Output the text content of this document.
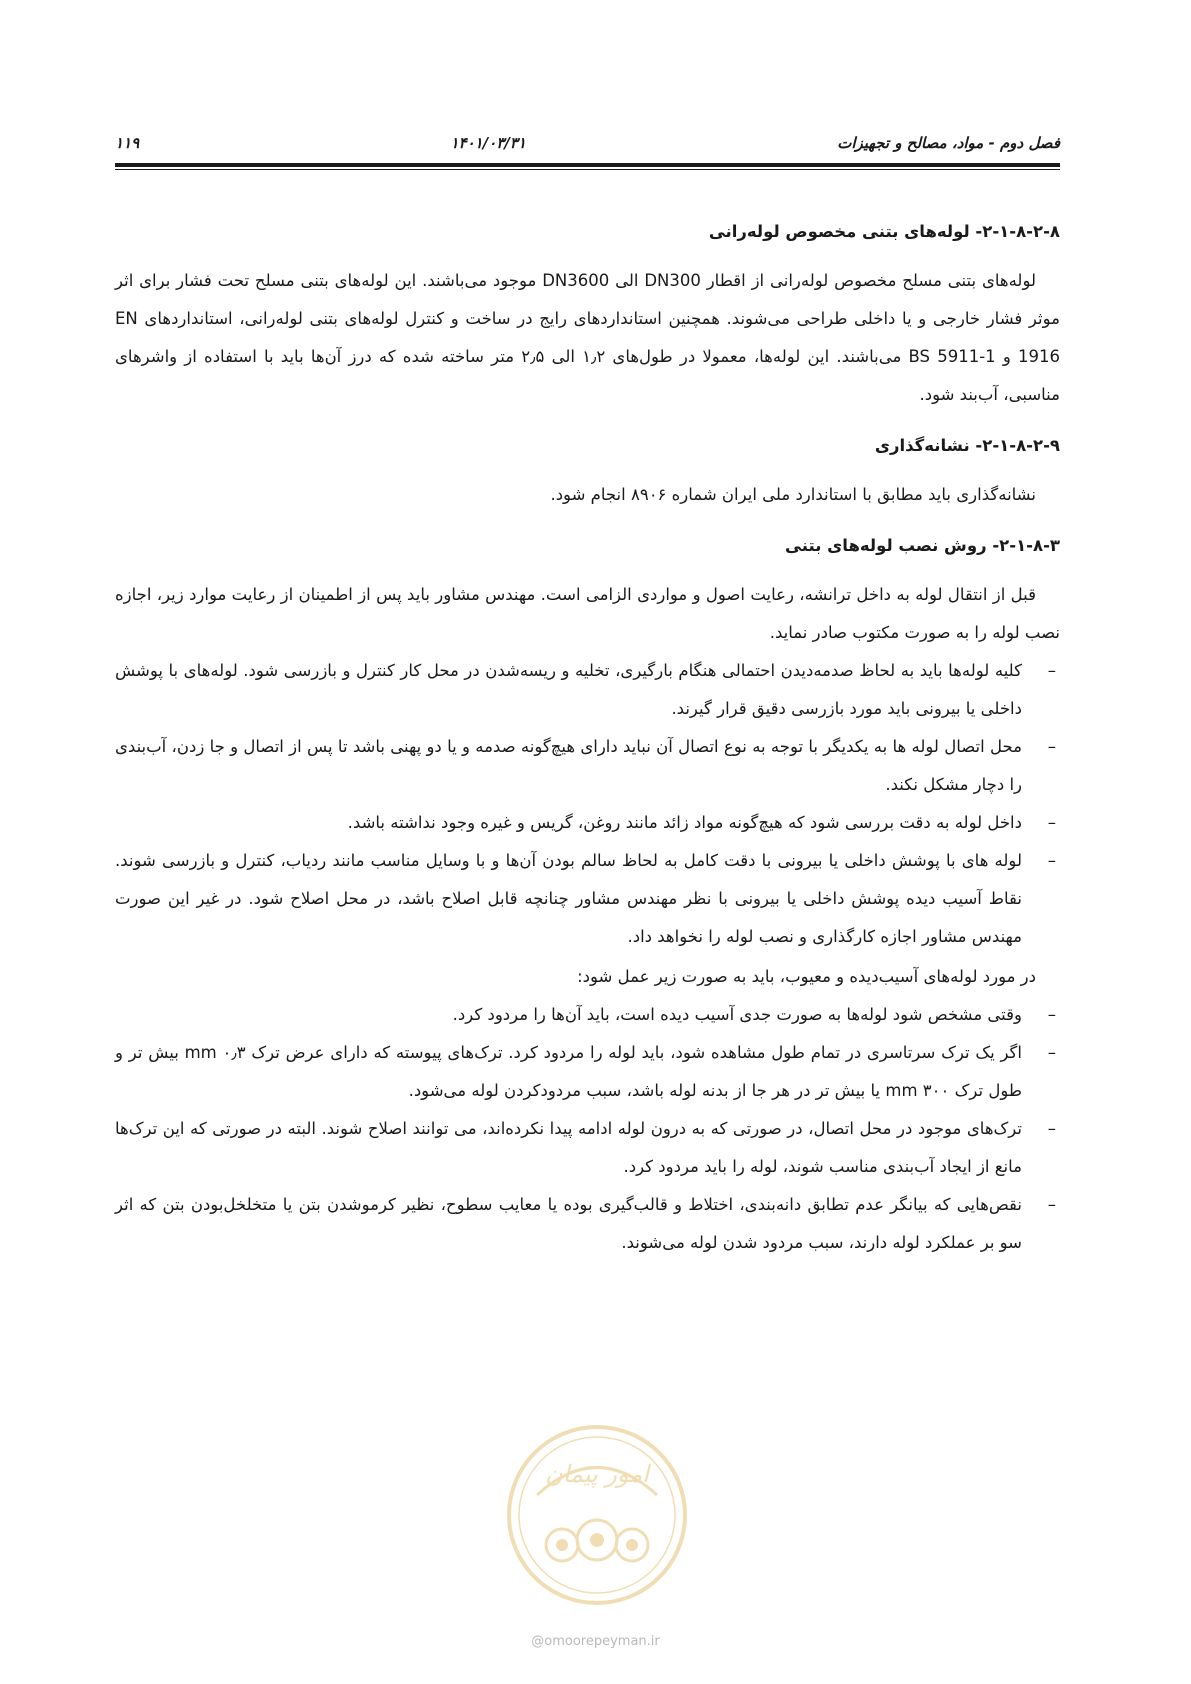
فصل دوم - مواد، مصالح و تجهیزات
۱۴۰۱/۰۳/۳۱
۱۱۹
۲-۱-۸-۲-۸- لوله‌های بتنی مخصوص لوله‌رانی

لوله‌های بتنی مسلح مخصوص لوله‌رانی از اقطار DN300 الی DN3600 موجود می‌باشند. این لوله‌های بتنی مسلح تحت فشار برای اثر موثر فشار خارجی و یا داخلی طراحی می‌شوند. همچنین استانداردهای رایج در ساخت و کنترل لوله‌های بتنی لوله‌رانی، استانداردهای EN 1916 و BS 5911-1 می‌باشند. این لوله‌ها، معمولا در طول‌های ۱٫۲ الی ۲٫۵ متر ساخته شده که درز آن‌ها باید با استفاده از واشرهای مناسبی، آب‌بند شود.

۲-۱-۸-۲-۹- نشانه‌گذاری

نشانه‌گذاری باید مطابق با استاندارد ملی ایران شماره ۸۹۰۶ انجام شود.

۲-۱-۸-۳- روش نصب لوله‌های بتنی

قبل از انتقال لوله به داخل ترانشه، رعایت اصول و مواردی الزامی است. مهندس مشاور باید پس از اطمینان از رعایت موارد زیر، اجازه نصب لوله را به صورت مکتوب صادر نماید.

–
کلیه لوله‌ها باید به لحاظ صدمه‌دیدن احتمالی هنگام بارگیری، تخلیه و ریسه‌شدن در محل کار کنترل و بازرسی شود. لوله‌های با پوشش داخلی یا بیرونی باید مورد بازرسی دقیق قرار گیرند.
–
محل اتصال لوله ها به یکدیگر با توجه به نوع اتصال آن نباید دارای هیچ‌گونه صدمه و یا دو پهنی باشد تا پس از اتصال و جا زدن، آب‌بندی را دچار مشکل نکند.
–
داخل لوله به دقت بررسی شود که هیچ‌گونه مواد زائد مانند روغن، گریس و غیره وجود نداشته باشد.
–
لوله های با پوشش داخلی یا بیرونی با دقت کامل به لحاظ سالم بودن آن‌ها و با وسایل مناسب مانند ردیاب، کنترل و بازرسی شوند. نقاط آسیب دیده پوشش داخلی یا بیرونی با نظر مهندس مشاور چنانچه قابل اصلاح باشد، در محل اصلاح شود. در غیر این صورت مهندس مشاور اجازه کارگذاری و نصب لوله را نخواهد داد.

در مورد لوله‌های آسیب‌دیده و معیوب، باید به صورت زیر عمل شود:

–
وقتی مشخص شود لوله‌ها به صورت جدی آسیب دیده است، باید آن‌ها را مردود کرد.
–
اگر یک ترک سرتاسری در تمام طول مشاهده شود، باید لوله را مردود کرد. ترک‌های پیوسته که دارای عرض ترک ۰٫۳ mm بیش تر و طول ترک ۳۰۰ mm یا بیش تر در هر جا از بدنه لوله باشد، سبب مردودکردن لوله می‌شود.
–
ترک‌های موجود در محل اتصال، در صورتی که به درون لوله ادامه پیدا نکرده‌اند، می توانند اصلاح شوند. البته در صورتی که این ترک‌ها مانع از ایجاد آب‌بندی مناسب شوند، لوله را باید مردود کرد.
–
نقص‌هایی که بیانگر عدم تطابق دانه‌بندی، اختلاط و قالب‌گیری بوده یا معایب سطوح، نظیر کرموشدن بتن یا متخلخل‌بودن بتن که اثر سو بر عملکرد لوله دارند، سبب مردود شدن لوله می‌شوند.
امور پیمان
@omoorepeyman.ir
